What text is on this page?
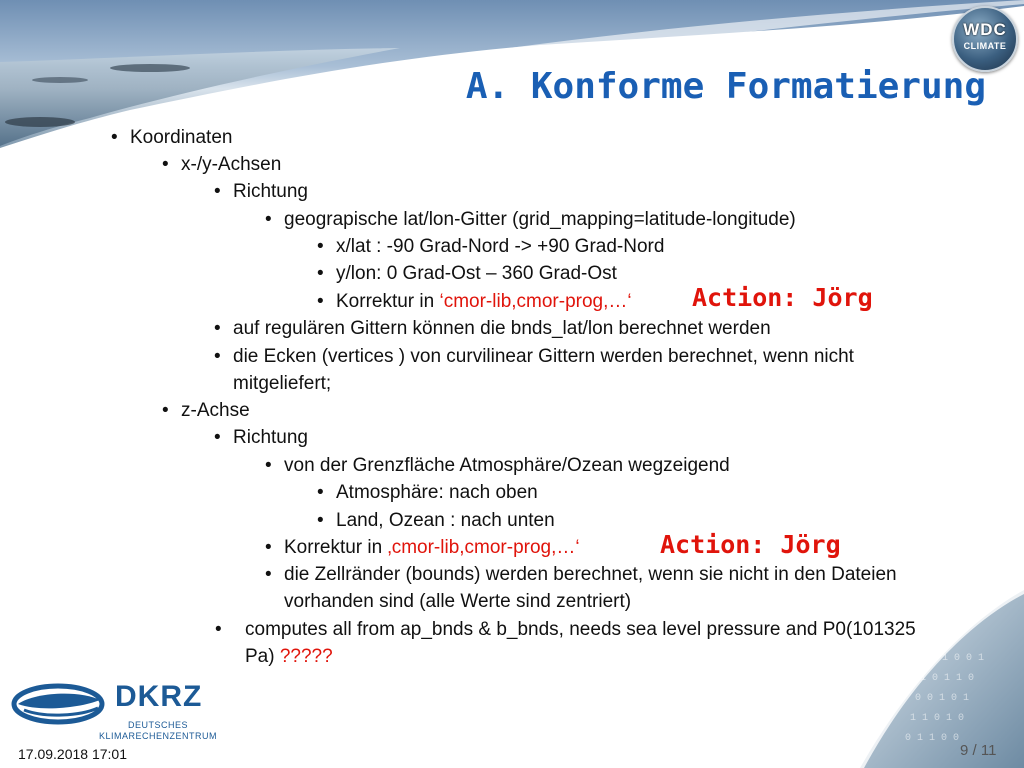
WDC
CLIMATE
A. Konforme Formatierung
• Koordinaten
• x-/y-Achsen
• Richtung
• geograpische lat/lon-Gitter (grid_mapping=latitude-longitude)
• x/lat : -90 Grad-Nord -> +90 Grad-Nord
• y/lon: 0 Grad-Ost – 360 Grad-Ost
• Korrektur in ‘cmor-lib,cmor-prog,…‘
• auf regulären Gittern können die bnds_lat/lon berechnet werden
• die Ecken (vertices ) von curvilinear Gittern werden berechnet, wenn nicht
mitgeliefert;
• z-Achse
• Richtung
• von der Grenzfläche Atmosphäre/Ozean wegzeigend
• Atmosphäre: nach oben
• Land, Ozean : nach unten
• Korrektur in ‚cmor-lib,cmor-prog,…‘
• die Zellränder (bounds) werden berechnet, wenn sie nicht in den Dateien
vorhanden sind (alle Werte sind zentriert)
• computes all from ap_bnds & b_bnds, needs sea level pressure and P0(101325
Pa) ?????
Action: Jörg
Action: Jörg
0 1 0 0 1
1 0 1 1 0
0 0 1 0 1
1 1 0 1 0
0 1 1 0 0
DKRZ
DEUTSCHES
KLIMARECHENZENTRUM
17.09.2018 17:01	9 / 11
